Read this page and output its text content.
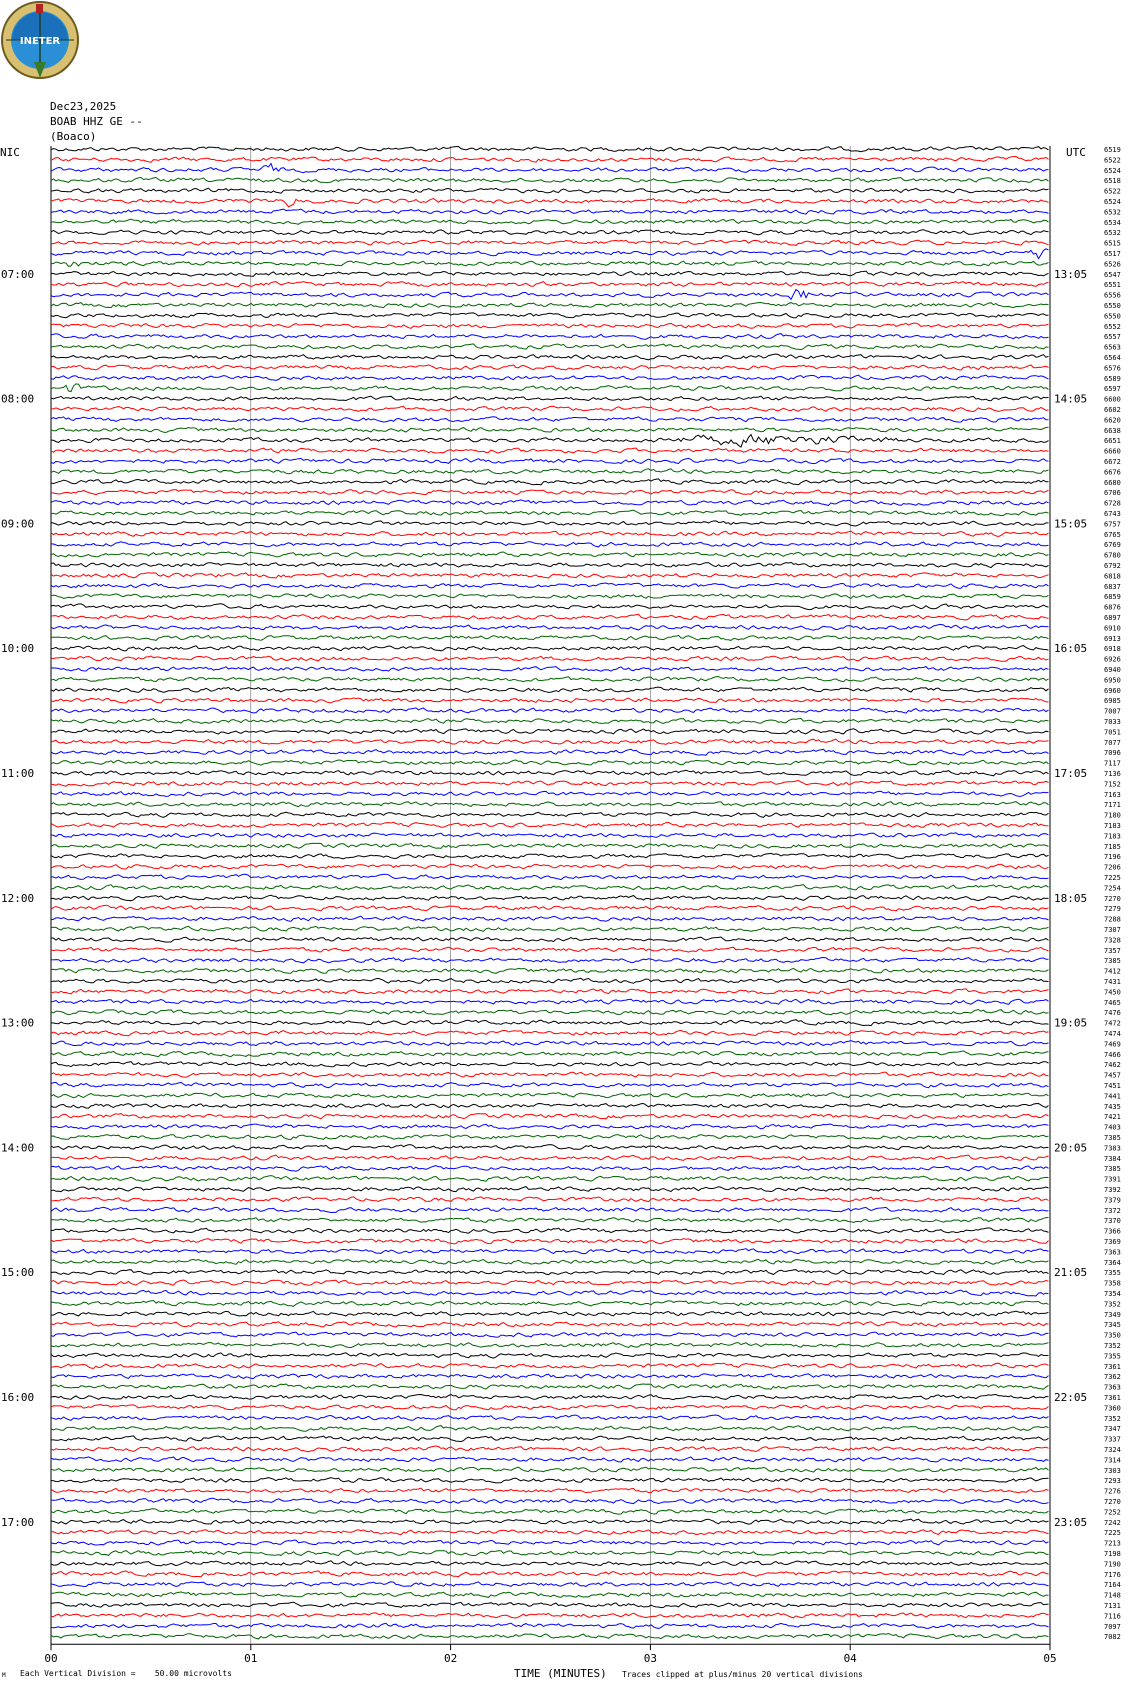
INETER
Dec23,2025
BOAB HHZ GE --
(Boaco)
NIC	UTC
00	01	02	03	04	05
6519
6522
6524
6518
6522
6524
6532
6534
6532
6515
6517
6526
6547
6551
6556
6550
6550
6552
6557
6563
6564
6576
6589
6597
6600
6602
6620
6638
6651
6660
6672
6676
6680
6706
6728
6743
6757
6765
6769
6780
6792
6818
6837
6859
6876
6897
6910
6913
6918
6926
6940
6950
6960
6985
7007
7033
7051
7077
7096
7117
7136
7152
7163
7171
7180
7183
7183
7185
7196
7206
7225
7254
7270
7279
7288
7307
7328
7357
7385
7412
7431
7450
7465
7476
7472
7474
7469
7466
7462
7457
7451
7441
7435
7421
7403
7385
7383
7384
7385
7391
7392
7379
7372
7370
7366
7369
7363
7364
7355
7358
7354
7352
7349
7345
7350
7352
7355
7361
7362
7363
7361
7360
7352
7347
7337
7324
7314
7303
7293
7276
7270
7252
7242
7225
7213
7198
7190
7176
7164
7148
7131
7116
7097
7082
07:00	13:05
08:00	14:05
09:00	15:05
10:00	16:05
11:00	17:05
12:00	18:05
13:00	19:05
14:00	20:05
15:00	21:05
16:00	22:05
17:00	23:05
M Each Vertical Division =    50.00 microvolts	TIME (MINUTES) Traces clipped at plus/minus 20 vertical divisions
